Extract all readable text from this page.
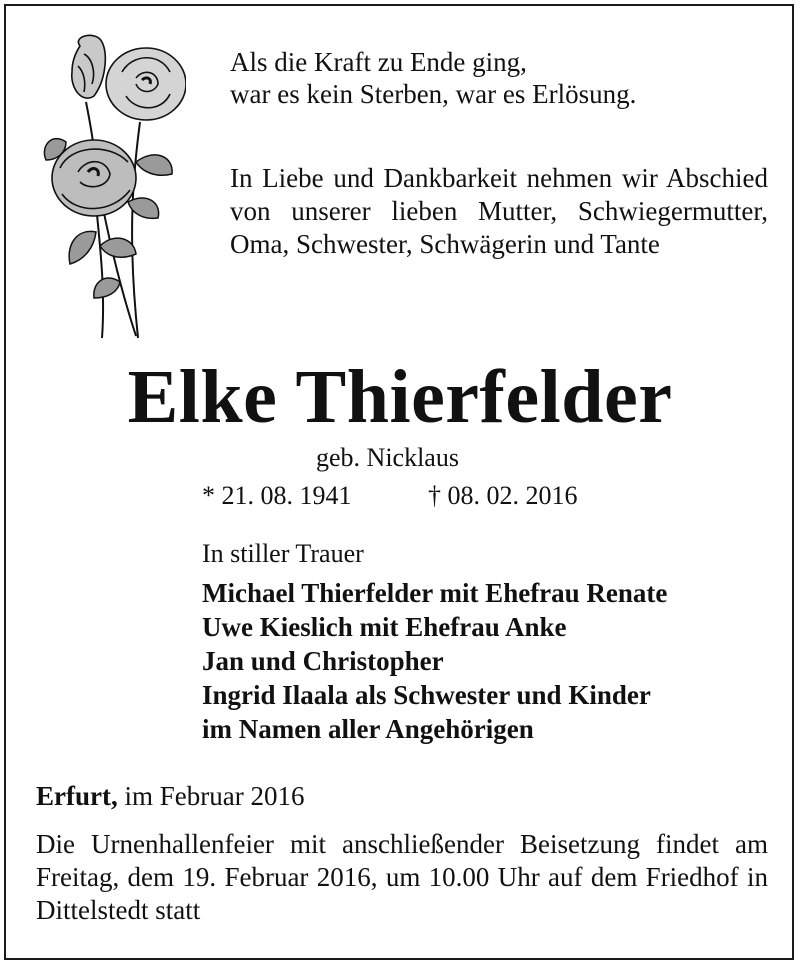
Als die Kraft zu Ende ging,
war es kein Sterben, war es Erlösung.
In Liebe und Dankbarkeit nehmen wir Abschied von unserer lieben Mutter, Schwiegermutter, Oma, Schwester, Schwägerin und Tante
Elke Thierfelder
geb. Nicklaus
* 21. 08. 1941	† 08. 02. 2016
In stiller Trauer
Michael Thierfelder mit Ehefrau Renate
Uwe Kieslich mit Ehefrau Anke
Jan und Christopher
Ingrid Ilaala als Schwester und Kinder
im Namen aller Angehörigen
Erfurt, im Februar 2016
Die Urnenhallenfeier mit anschließender Beisetzung findet am Freitag, dem 19. Februar 2016, um 10.00 Uhr auf dem Friedhof in Dittelstedt statt
